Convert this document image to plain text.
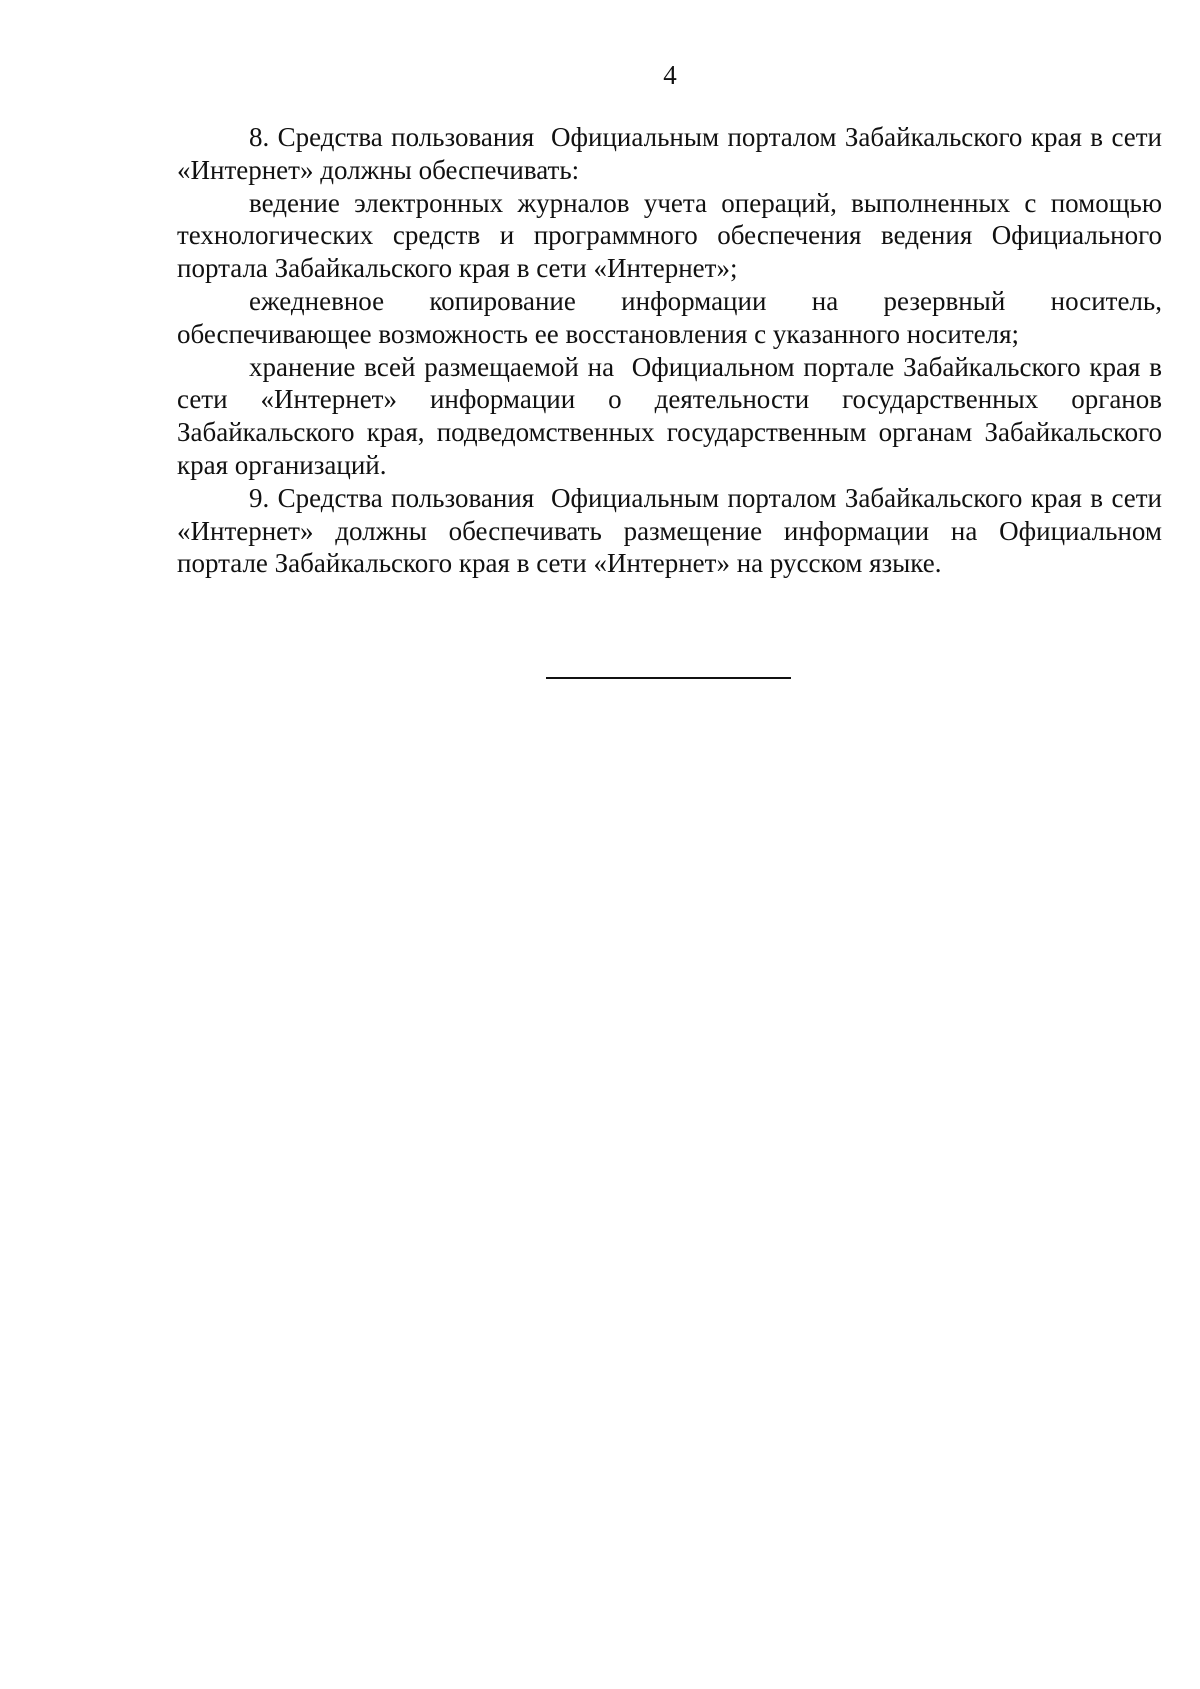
4

8. Средства пользования  Официальным порталом Забайкальского края в сети «Интернет» должны обеспечивать:

ведение электронных журналов учета операций, выполненных с помощью технологических средств и программного обеспечения ведения Официального портала Забайкальского края в сети «Интернет»;

ежедневное копирование информации на резервный носитель, обеспечивающее возможность ее восстановления с указанного носителя;

хранение всей размещаемой на  Официальном портале Забайкальского края в сети «Интернет» информации о деятельности государственных органов Забайкальского края, подведомственных государственным органам Забайкальского края организаций.

9. Средства пользования  Официальным порталом Забайкальского края в сети «Интернет» должны обеспечивать размещение информации на Официальном портале Забайкальского края в сети «Интернет» на русском языке.
